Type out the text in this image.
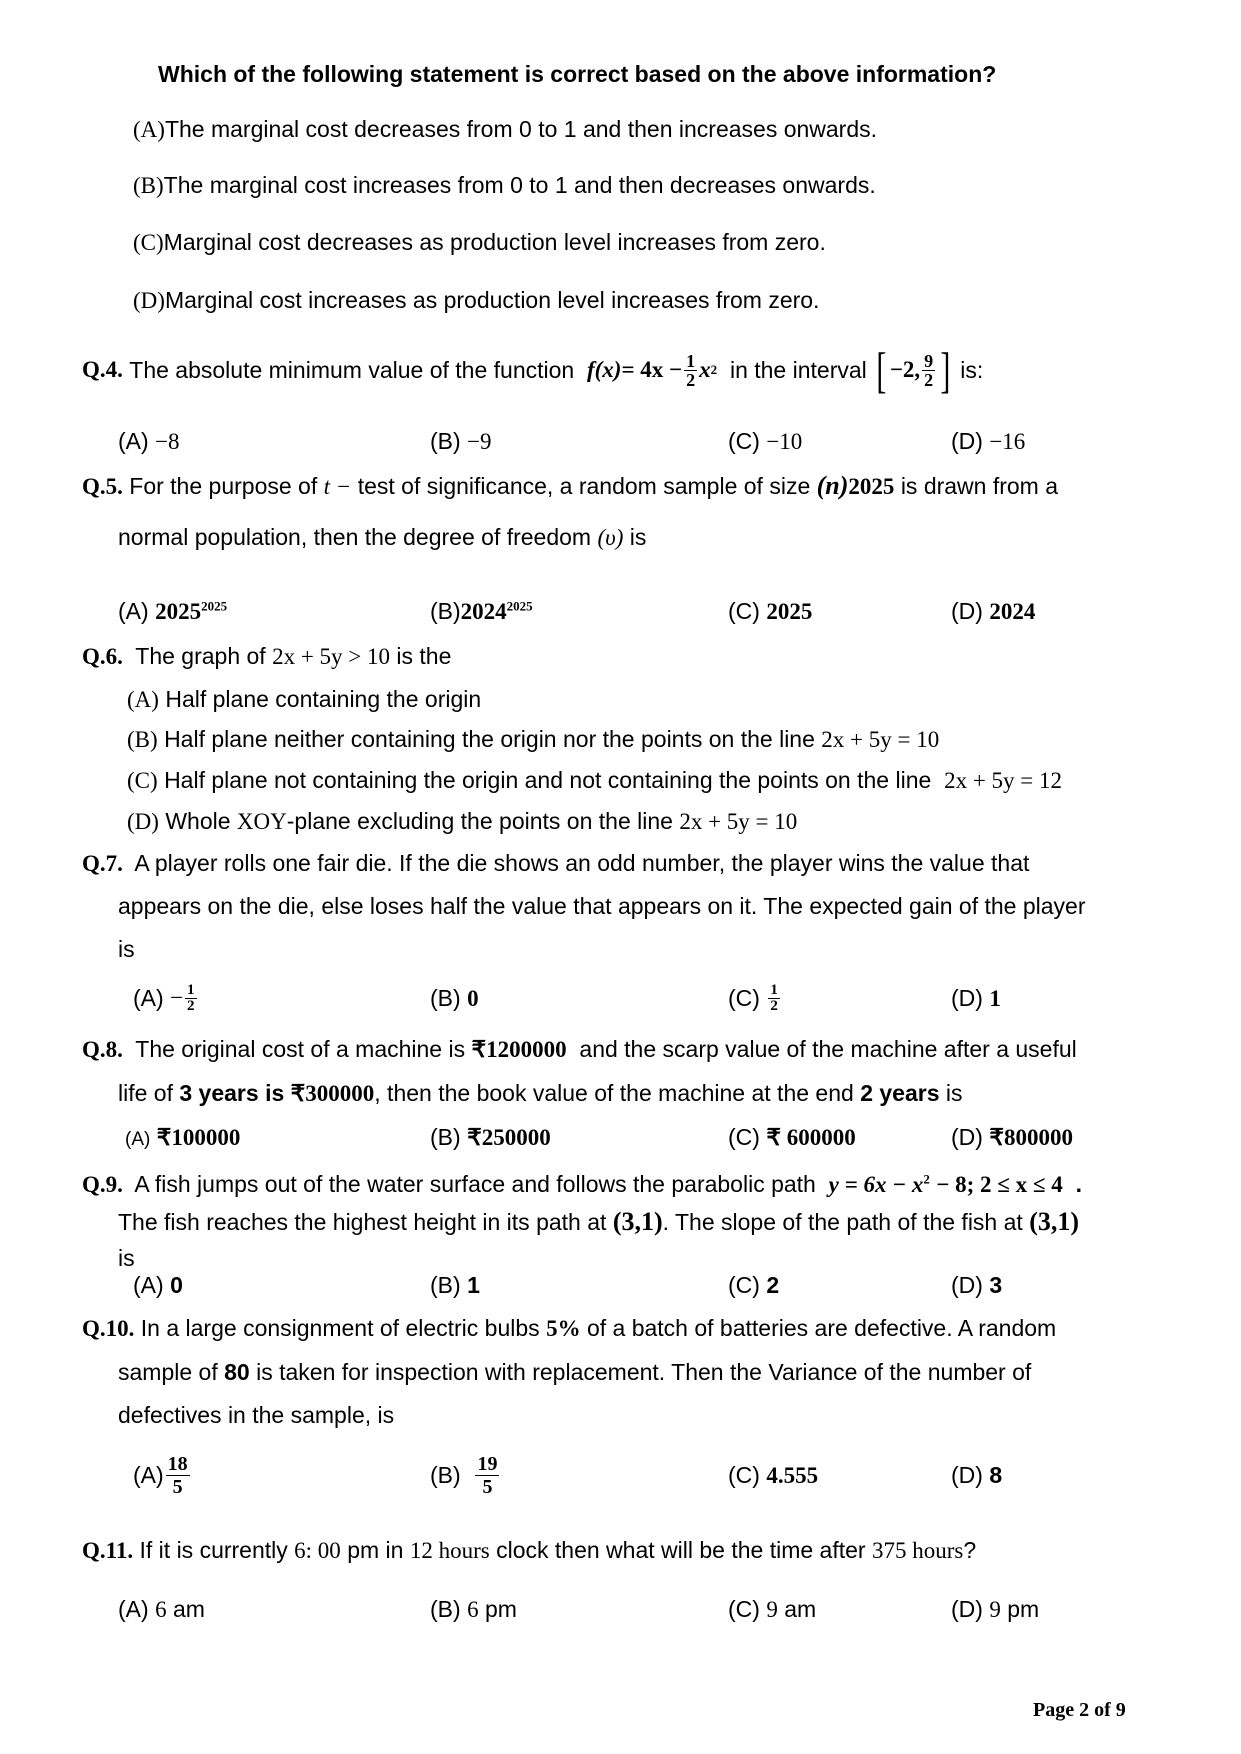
Which of the following statement is correct based on the above information?
(A)The marginal cost decreases from 0 to 1 and then increases onwards.
(B)The marginal cost increases from 0 to 1 and then decreases onwards.
(C)Marginal cost decreases as production level increases from zero.
(D)Marginal cost increases as production level increases from zero.
Q.4.
The absolute minimum value of the function
$f(x) = 4x - \frac{1}{2}$ x 2
in the interval
[ −2, $\frac{9}{2}$ ]
is:
(A) −8	(B) −9	(C) −10	(D) −16
Q.5. For the purpose of t − test of significance, a random sample of size (n)2025 is drawn from a
normal population, then the degree of freedom (υ) is
(A) $2025^{2025}$	$(B)2024^{2025}$	(C) 2025	(D) 2024
Q.6. The graph of 2x + 5y > 10 is the
(A) Half plane containing the origin
(B) Half plane neither containing the origin nor the points on the line 2x + 5y = 10
(C) Half plane not containing the origin and not containing the points on the line 2x + 5y = 12
(D) Whole XOY-plane excluding the points on the line 2x + 5y = 10
Q.7. A player rolls one fair die. If the die shows an odd number, the player wins the value that
appears on the die, else loses half the value that appears on it. The expected gain of the player
is
(A)
− $\frac{1}{2}$	(B) 0	(C)
$\frac{1}{2}$	(D) 1
Q.8. The original cost of a machine is ₹1200000 and the scarp value of the machine after a useful
life of 3 years is ₹300000, then the book value of the machine at the end 2 years is
(A) ₹100000	(B) ₹250000	(C) ₹ 600000	(D) ₹800000
Q.9. A fish jumps out of the water surface and follows the parabolic path $y = 6x - x^2 - 8$; 2 ≤ x ≤ 4 .
The fish reaches the highest height in its path at (3,1). The slope of the path of the fish at (3,1)
is
(A) 0	(B) 1	(C) 2	(D) 3
Q.10. In a large consignment of electric bulbs 5% of a batch of batteries are defective. A random
sample of 80 is taken for inspection with replacement. Then the Variance of the number of
defectives in the sample, is
$(A) \frac{18}{5}$	(B)
$\frac{19}{5}$	(C) 4.555	(D) 8
Q.11. If it is currently 6: 00 pm in 12 hours clock then what will be the time after 375 hours?
(A) 6 am	(B) 6 pm	(C) 9 am	(D) 9 pm
Page 2 of 9
